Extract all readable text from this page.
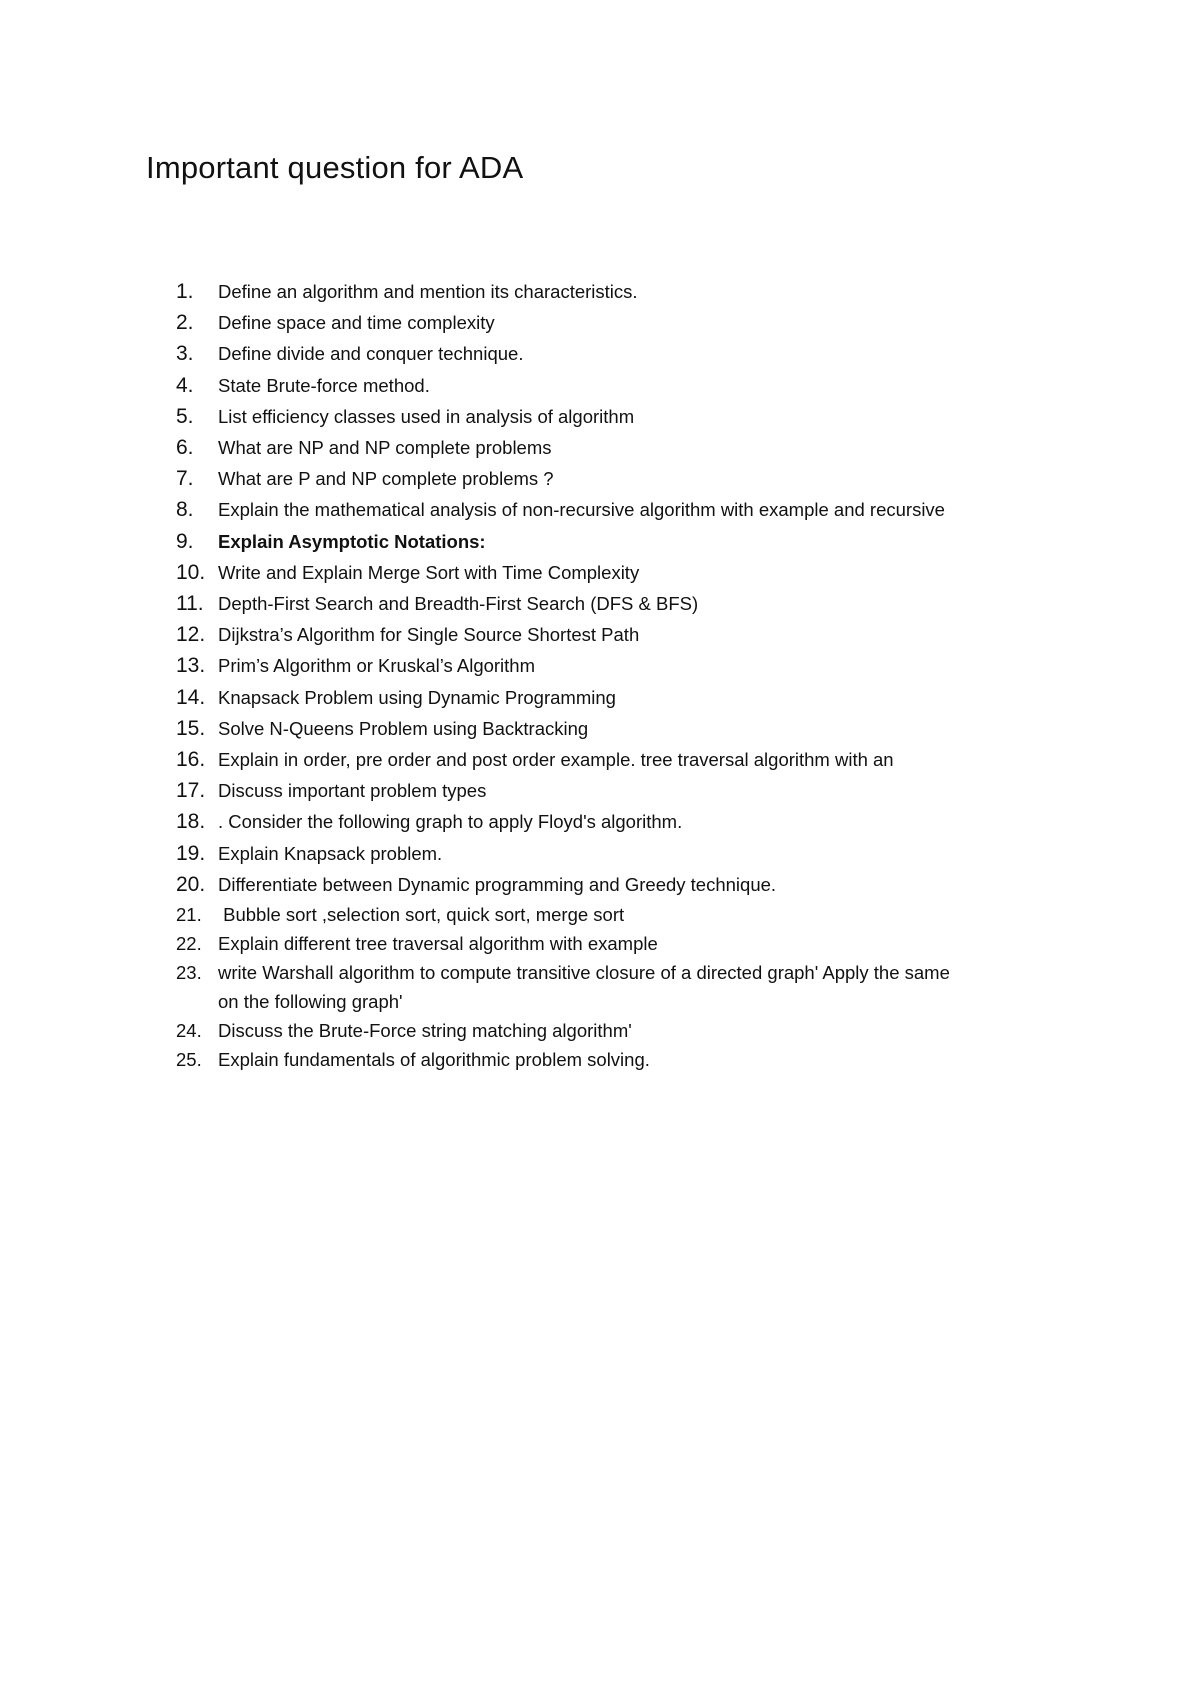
Important question for ADA
1.	Define an algorithm and mention its characteristics.
2.	Define space and time complexity
3.	Define divide and conquer technique.
4.	State Brute-force method.
5.	List efficiency classes used in analysis of algorithm
6.	What are NP and NP complete problems
7.	What are P and NP complete problems ?
8.	Explain the mathematical analysis of non-recursive algorithm with example and recursive
9.	Explain Asymptotic Notations:
10. Write and Explain Merge Sort with Time Complexity
11. Depth-First Search and Breadth-First Search (DFS & BFS)
12. Dijkstra’s Algorithm for Single Source Shortest Path
13. Prim’s Algorithm or Kruskal’s Algorithm
14. Knapsack Problem using Dynamic Programming
15. Solve N-Queens Problem using Backtracking
16. Explain in order, pre order and post order example. tree traversal algorithm with an
17. Discuss important problem types
18. . Consider the following graph to apply Floyd's algorithm.
19. Explain Knapsack problem.
20. Differentiate between Dynamic programming and Greedy technique.
21. Bubble sort ,selection sort, quick sort, merge sort
22. Explain different tree traversal algorithm with example
23. write Warshall algorithm to compute transitive closure of a directed graph' Apply the same
on the following graph'
24. Discuss the Brute-Force string matching algorithm'
25. Explain fundamentals of algorithmic problem solving.
